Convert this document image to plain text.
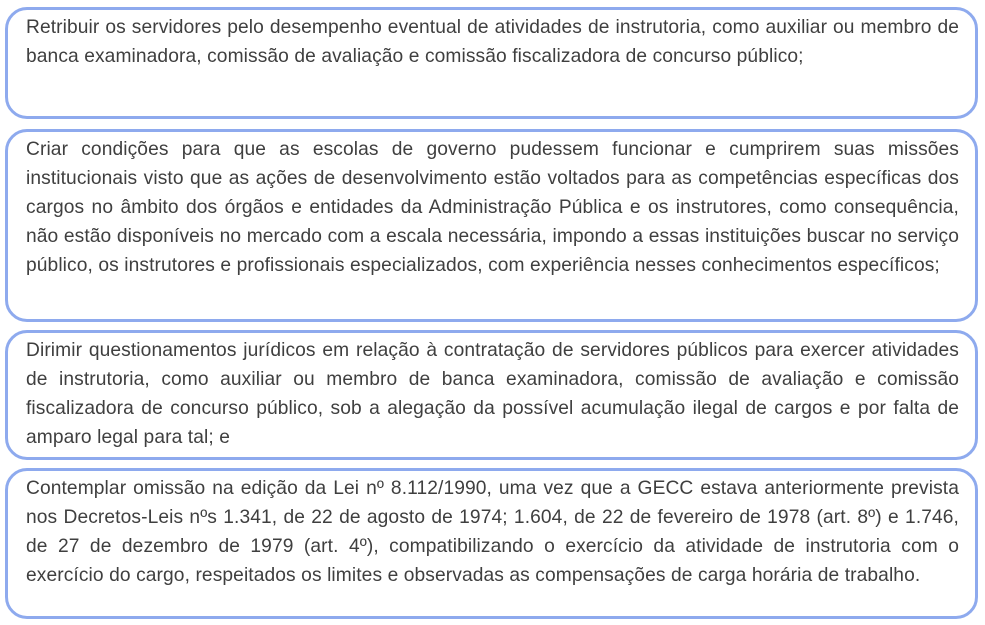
Retribuir os servidores pelo desempenho eventual de atividades de instrutoria, como auxiliar ou membro de banca examinadora, comissão de avaliação e comissão fiscalizadora de concurso público;

Criar condições para que as escolas de governo pudessem funcionar e cumprirem suas missões institucionais visto que as ações de desenvolvimento estão voltados para as competências específicas dos cargos no âmbito dos órgãos e entidades da Administração Pública e os instrutores, como consequência, não estão disponíveis no mercado com a escala necessária, impondo a essas instituições buscar no serviço público, os instrutores e profissionais especializados, com experiência nesses conhecimentos específicos;

Dirimir questionamentos jurídicos em relação à contratação de servidores públicos para exercer atividades de instrutoria, como auxiliar ou membro de banca examinadora, comissão de avaliação e comissão fiscalizadora de concurso público, sob a alegação da possível acumulação ilegal de cargos e por falta de amparo legal para tal; e

Contemplar omissão na edição da Lei nº 8.112/1990, uma vez que a GECC estava anteriormente prevista nos Decretos-Leis nºs 1.341, de 22 de agosto de 1974; 1.604, de 22 de fevereiro de 1978 (art. 8º) e 1.746, de 27 de dezembro de 1979 (art. 4º), compatibilizando o exercício da atividade de instrutoria com o exercício do cargo, respeitados os limites e observadas as compensações de carga horária de trabalho.
